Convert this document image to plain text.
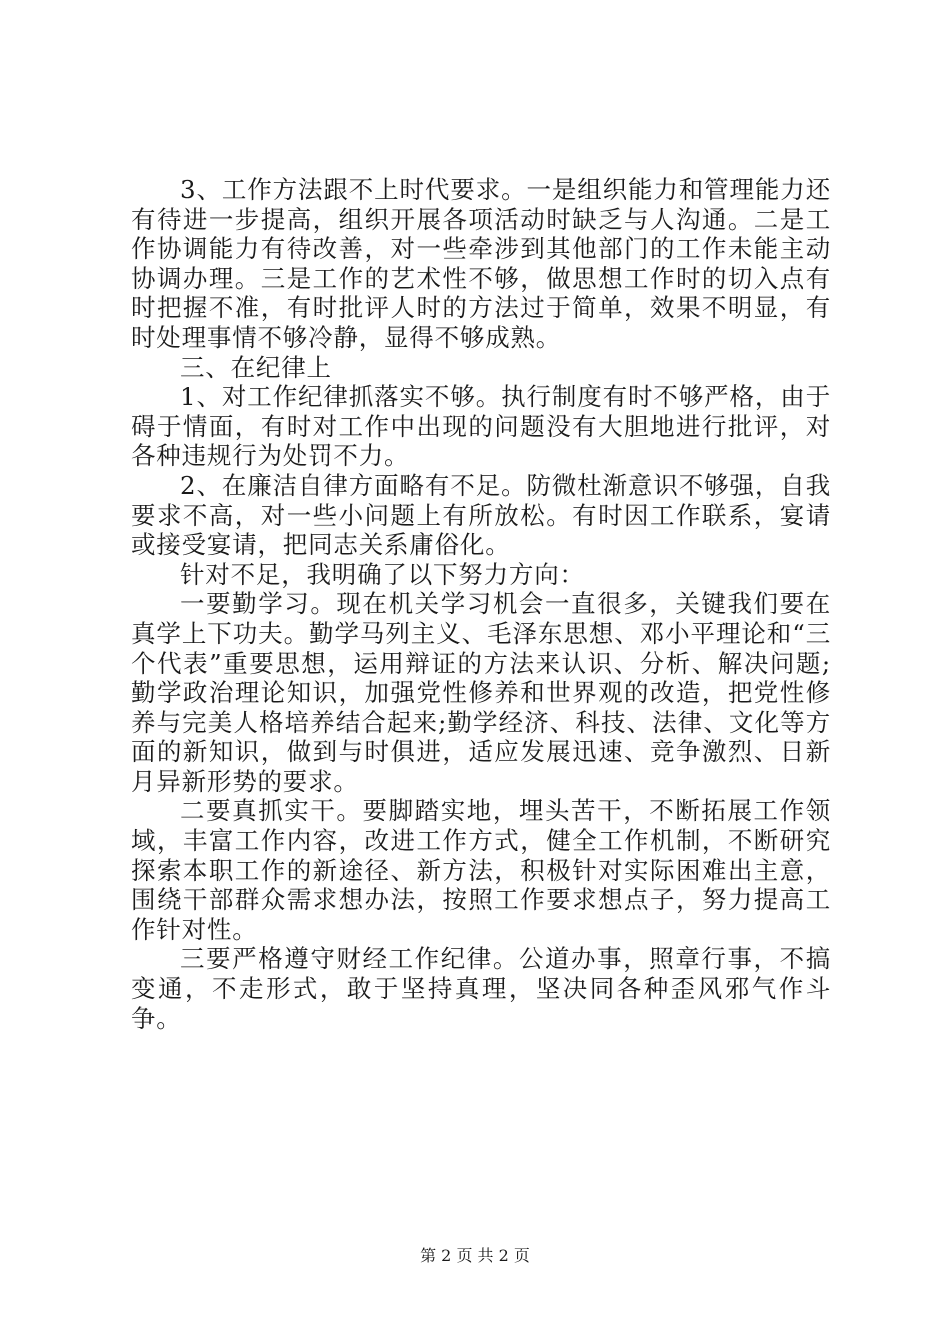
3、工作方法跟不上时代要求。一是组织能力和管理能力还有待进一步提高，组织开展各项活动时缺乏与人沟通。二是工作协调能力有待改善，对一些牵涉到其他部门的工作未能主动协调办理。三是工作的艺术性不够，做思想工作时的切入点有时把握不准，有时批评人时的方法过于简单，效果不明显，有时处理事情不够冷静，显得不够成熟。

三、在纪律上

1、对工作纪律抓落实不够。执行制度有时不够严格，由于碍于情面，有时对工作中出现的问题没有大胆地进行批评，对各种违规行为处罚不力。

2、在廉洁自律方面略有不足。防微杜渐意识不够强，自我要求不高，对一些小问题上有所放松。有时因工作联系，宴请或接受宴请，把同志关系庸俗化。

针对不足，我明确了以下努力方向：

一要勤学习。现在机关学习机会一直很多，关键我们要在真学上下功夫。勤学马列主义、毛泽东思想、邓小平理论和“三个代表”重要思想，运用辩证的方法来认识、分析、解决问题;勤学政治理论知识，加强党性修养和世界观的改造，把党性修养与完美人格培养结合起来;勤学经济、科技、法律、文化等方面的新知识，做到与时俱进，适应发展迅速、竞争激烈、日新月异新形势的要求。

二要真抓实干。要脚踏实地，埋头苦干，不断拓展工作领域，丰富工作内容，改进工作方式，健全工作机制，不断研究探索本职工作的新途径、新方法，积极针对实际困难出主意，围绕干部群众需求想办法，按照工作要求想点子，努力提高工作针对性。

三要严格遵守财经工作纪律。公道办事，照章行事，不搞变通，不走形式，敢于坚持真理，坚决同各种歪风邪气作斗争。

第 2 页 共 2 页
